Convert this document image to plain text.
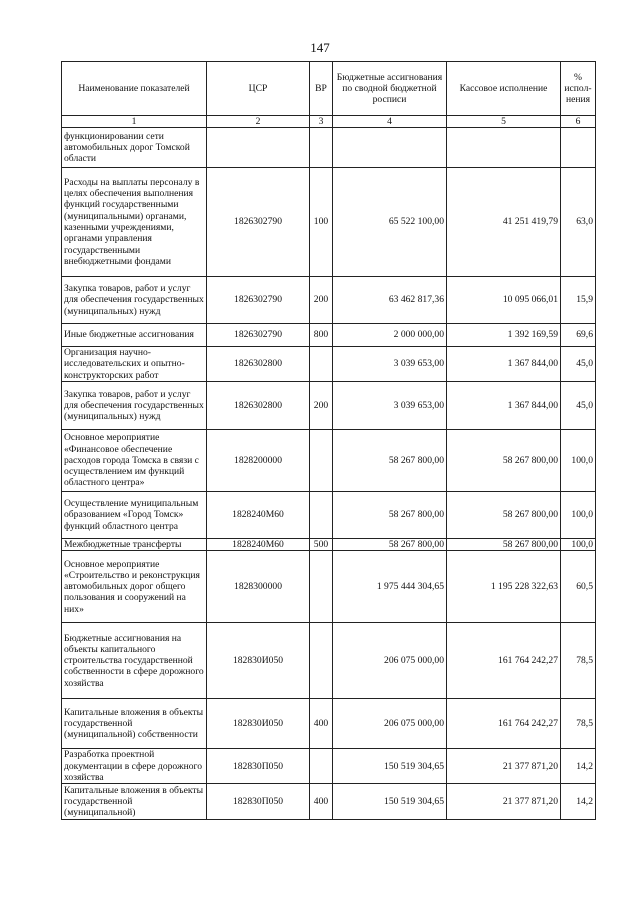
147
Наименование показателей	ЦСР	ВР	Бюджетные ассигнования по сводной бюджетной росписи	Кассовое исполнение	% испол-нения
1	2	3	4	5	6
функционировании сети автомобильных дорог Томской области					
Расходы на выплаты персоналу в целях обеспечения выполнения функций государственными (муниципальными) органами, казенными учреждениями, органами управления государственными внебюджетными фондами	1826302790	100	65 522 100,00	41 251 419,79	63,0
Закупка товаров, работ и услуг для обеспечения государственных (муниципальных) нужд	1826302790	200	63 462 817,36	10 095 066,01	15,9
Иные бюджетные ассигнования	1826302790	800	2 000 000,00	1 392 169,59	69,6
Организация научно-исследовательских и опытно-конструкторских работ	1826302800		3 039 653,00	1 367 844,00	45,0
Закупка товаров, работ и услуг для обеспечения государственных (муниципальных) нужд	1826302800	200	3 039 653,00	1 367 844,00	45,0
Основное мероприятие «Финансовое обеспечение расходов города Томска в связи с осуществлением им функций областного центра»	1828200000		58 267 800,00	58 267 800,00	100,0
Осуществление муниципальным образованием «Город Томск» функций областного центра	1828240М60		58 267 800,00	58 267 800,00	100,0
Межбюджетные трансферты	1828240М60	500	58 267 800,00	58 267 800,00	100,0
Основное мероприятие «Строительство и реконструкция автомобильных дорог общего пользования и сооружений на них»	1828300000		1 975 444 304,65	1 195 228 322,63	60,5
Бюджетные ассигнования на объекты капитального строительства государственной собственности в сфере дорожного хозяйства	182830И050		206 075 000,00	161 764 242,27	78,5
Капитальные вложения в объекты государственной (муниципальной) собственности	182830И050	400	206 075 000,00	161 764 242,27	78,5
Разработка проектной документации в сфере дорожного хозяйства	182830П050		150 519 304,65	21 377 871,20	14,2
Капитальные вложения в объекты государственной (муниципальной)	182830П050	400	150 519 304,65	21 377 871,20	14,2
